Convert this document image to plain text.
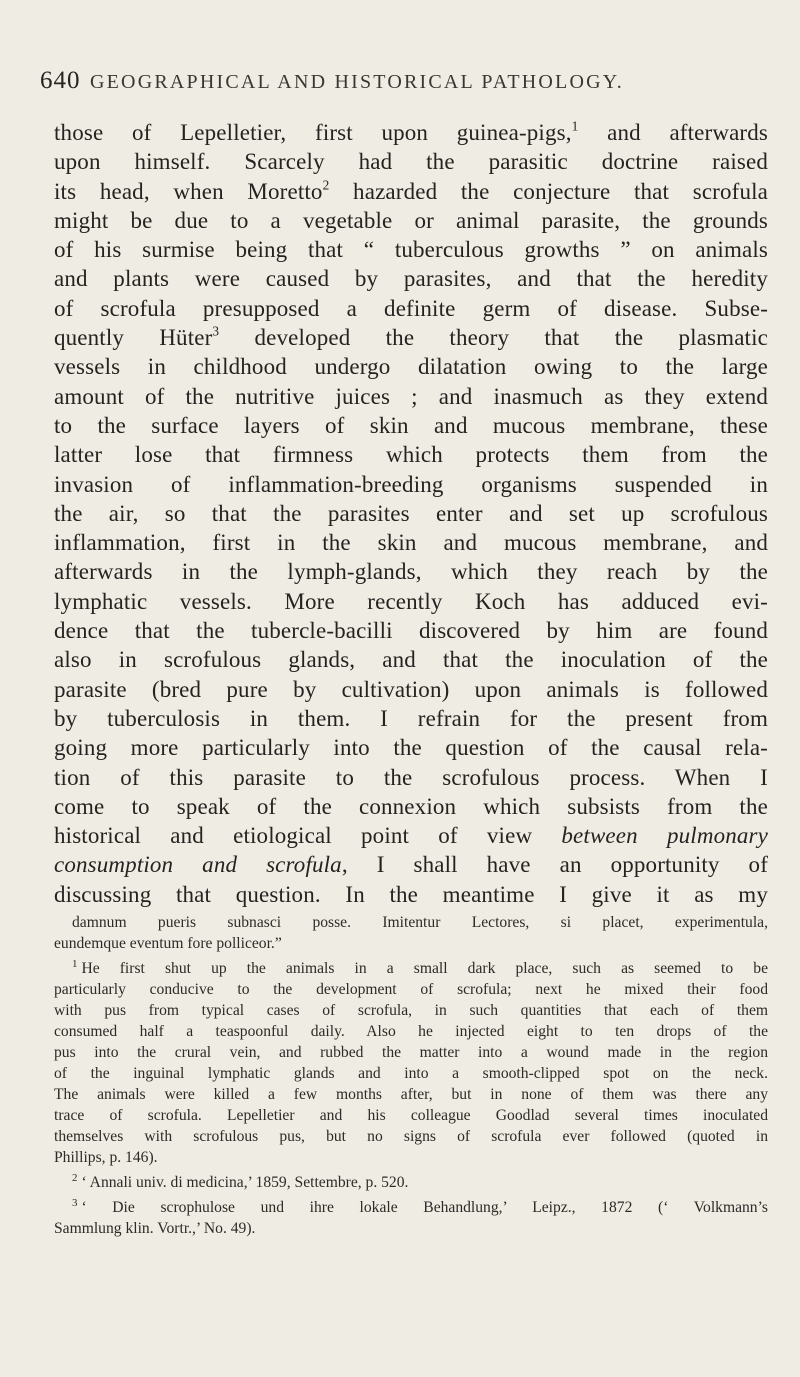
640 GEOGRAPHICAL AND HISTORICAL PATHOLOGY.
those of Lepelletier, first upon guinea-pigs,$^1$ and afterwards
upon himself. Scarcely had the parasitic doctrine raised
its head, when Moretto$^2$ hazarded the conjecture that scrofula
might be due to a vegetable or animal parasite, the grounds
of his surmise being that “ tuberculous growths ” on animals
and plants were caused by parasites, and that the heredity
of scrofula presupposed a definite germ of disease. Subse-
quently Hüter$^3$ developed the theory that the plasmatic
vessels in childhood undergo dilatation owing to the large
amount of the nutritive juices ; and inasmuch as they extend
to the surface layers of skin and mucous membrane, these
latter lose that firmness which protects them from the
invasion of inflammation-breeding organisms suspended in
the air, so that the parasites enter and set up scrofulous
inflammation, first in the skin and mucous membrane, and
afterwards in the lymph-glands, which they reach by the
lymphatic vessels. More recently Koch has adduced evi-
dence that the tubercle-bacilli discovered by him are found
also in scrofulous glands, and that the inoculation of the
parasite (bred pure by cultivation) upon animals is followed
by tuberculosis in them. I refrain for the present from
going more particularly into the question of the causal rela-
tion of this parasite to the scrofulous process. When I
come to speak of the connexion which subsists from the
historical and etiological point of view between pulmonary
consumption and scrofula, I shall have an opportunity of
discussing that question. In the meantime I give it as my
damnum pueris subnasci posse. Imitentur Lectores, si placet, experimentula,
eundemque eventum fore polliceor.”
$^1$ He first shut up the animals in a small dark place, such as seemed to be
particularly conducive to the development of scrofula; next he mixed their food
with pus from typical cases of scrofula, in such quantities that each of them
consumed half a teaspoonful daily. Also he injected eight to ten drops of the
pus into the crural vein, and rubbed the matter into a wound made in the region
of the inguinal lymphatic glands and into a smooth-clipped spot on the neck.
The animals were killed a few months after, but in none of them was there any
trace of scrofula. Lepelletier and his colleague Goodlad several times inoculated
themselves with scrofulous pus, but no signs of scrofula ever followed (quoted in
Phillips, p. 146).
$^2$ ‘ Annali univ. di medicina,’ 1859, Settembre, p. 520.
$^3$ ‘ Die scrophulose und ihre lokale Behandlung,’ Leipz., 1872 (‘ Volkmann’s
Sammlung klin. Vortr.,’ No. 49).
